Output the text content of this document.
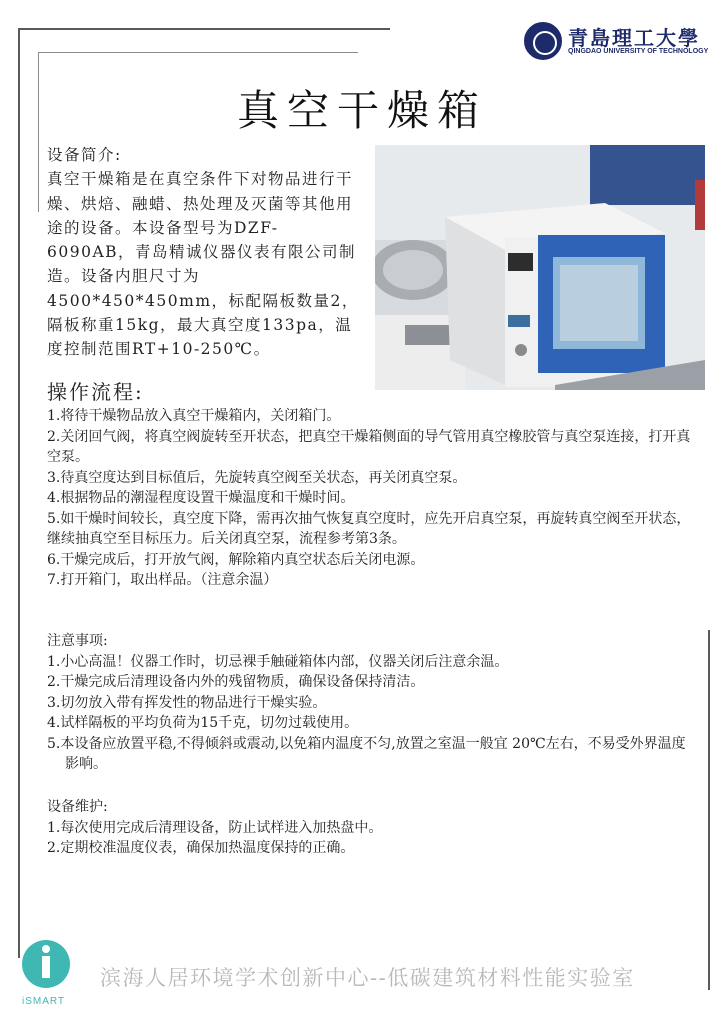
青島理工大學
QINGDAO UNIVERSITY OF TECHNOLOGY
真空干燥箱

设备简介:

真空干燥箱是在真空条件下对物品进行干燥、烘焙、融蜡、热处理及灭菌等其他用途的设备。本设备型号为DZF-6090AB，青岛精诚仪器仪表有限公司制造。设备内胆尺寸为4500*450*450mm，标配隔板数量2，隔板称重15kg，最大真空度133pa，温度控制范围RT+10-250℃。

操作流程:

1.将待干燥物品放入真空干燥箱内，关闭箱门。

2.关闭回气阀，将真空阀旋转至开状态，把真空干燥箱侧面的导气管用真空橡胶管与真空泵连接，打开真空泵。

3.待真空度达到目标值后，先旋转真空阀至关状态，再关闭真空泵。

4.根据物品的潮湿程度设置干燥温度和干燥时间。

5.如干燥时间较长，真空度下降，需再次抽气恢复真空度时，应先开启真空泵，再旋转真空阀至开状态，继续抽真空至目标压力。后关闭真空泵，流程参考第3条。

6.干燥完成后，打开放气阀，解除箱内真空状态后关闭电源。

7.打开箱门，取出样品。（注意余温）

注意事项:

1.小心高温！仪器工作时，切忌裸手触碰箱体内部，仪器关闭后注意余温。

2.干燥完成后清理设备内外的残留物质，确保设备保持清洁。

3.切勿放入带有挥发性的物品进行干燥实验。

4.试样隔板的平均负荷为15千克，切勿过载使用。

5.本设备应放置平稳,不得倾斜或震动,以免箱内温度不匀,放置之室温一般宜 20℃左右，不易受外界温度影响。

设备维护:

1.每次使用完成后清理设备，防止试样进入加热盘中。

2.定期校准温度仪表，确保加热温度保持的正确。

iSMART
滨海人居环境学术创新中心--低碳建筑材料性能实验室
